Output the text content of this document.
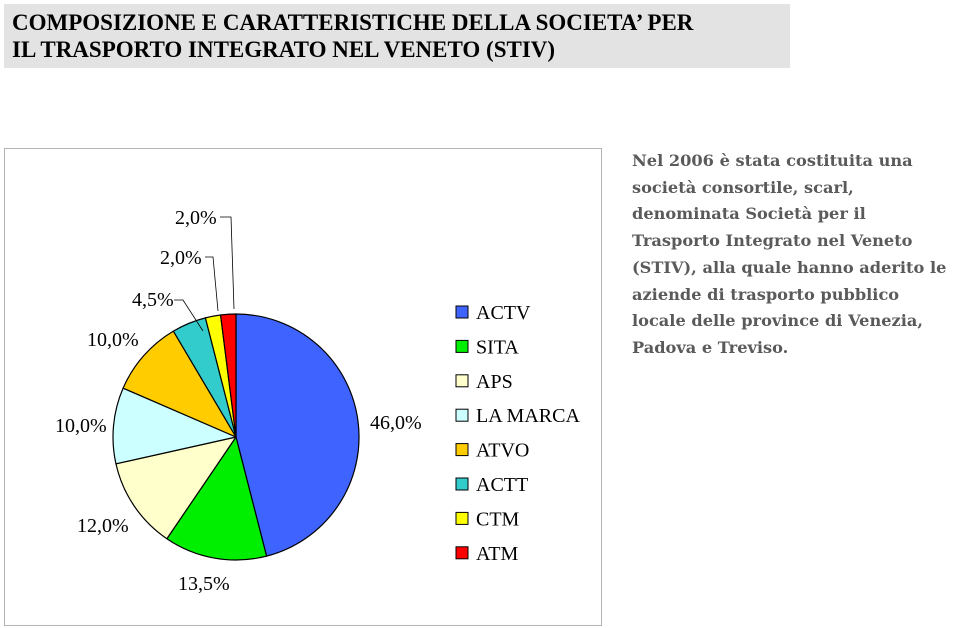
COMPOSIZIONE E CARATTERISTICHE DELLA SOCIETA’ PER
IL TRASPORTO INTEGRATO NEL VENETO (STIV)
46,0%
13,5%
12,0%
10,0%
10,0%
4,5%
2,0%
2,0%
ACTV
SITA
APS
LA MARCA
ATVO
ACTT
CTM
ATM
Nel 2006 è stata costituita una
società consortile, scarl,
denominata Società per il
Trasporto Integrato nel Veneto
(STIV), alla quale hanno aderito le
aziende di trasporto pubblico
locale delle province di Venezia,
Padova e Treviso.
